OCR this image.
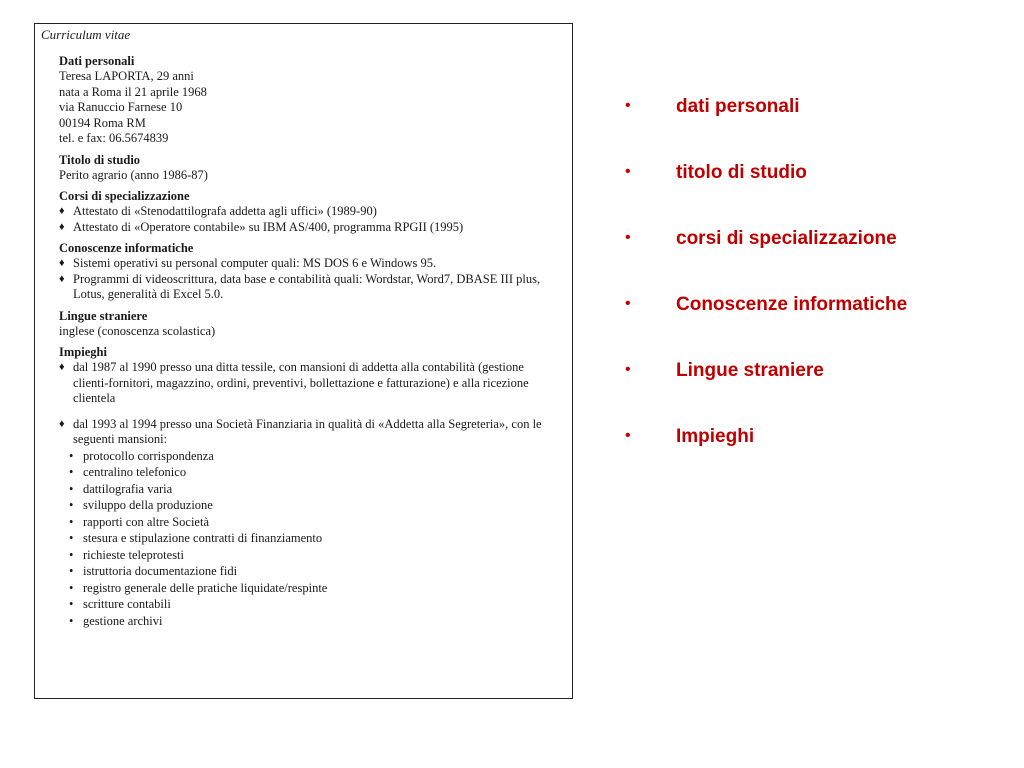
Curriculum vitae
Dati personali
Teresa LAPORTA, 29 anni
nata a Roma il 21 aprile 1968
via Ranuccio Farnese 10
00194 Roma RM
tel. e fax: 06.5674839
Titolo di studio
Perito agrario (anno 1986-87)
Corsi di specializzazione
♦ Attestato di «Stenodattilografa addetta agli uffici» (1989-90)
♦ Attestato di «Operatore contabile» su IBM AS/400, programma RPGII (1995)
Conoscenze informatiche
♦ Sistemi operativi su personal computer quali: MS DOS 6 e Windows 95.
♦ Programmi di videoscrittura, data base e contabilità quali: Wordstar, Word7, DBASE III plus, Lotus, generalità di Excel 5.0.
Lingue straniere
inglese (conoscenza scolastica)
Impieghi
♦ dal 1987 al 1990 presso una ditta tessile, con mansioni di addetta alla contabilità (gestione clienti-fornitori, magazzino, ordini, preventivi, bollettazione e fatturazione) e alla ricezione clientela
♦ dal 1993 al 1994 presso una Società Finanziaria in qualità di «Addetta alla Segreteria», con le seguenti mansioni:
• protocollo corrispondenza
• centralino telefonico
• dattilografia varia
• sviluppo della produzione
• rapporti con altre Società
• stesura e stipulazione contratti di finanziamento
• richieste teleprotesti
• istruttoria documentazione fidi
• registro generale delle pratiche liquidate/respinte
• scritture contabili
• gestione archivi
• dati personali
• titolo di studio
• corsi di specializzazione
• Conoscenze informatiche
• Lingue straniere
• Impieghi
